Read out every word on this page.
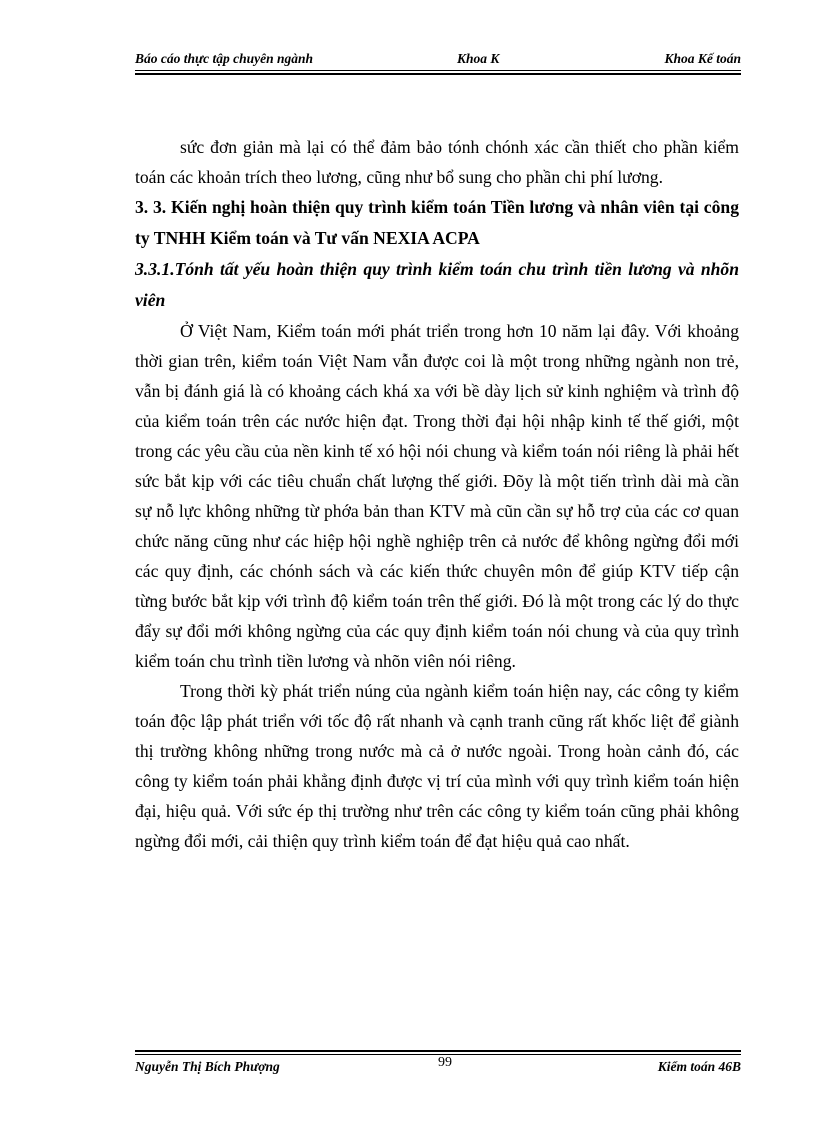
Báo cáo thực tập chuyên ngành	Khoa K	Khoa Kế toán

sức đơn giản mà lại có thể đảm bảo tónh chónh xác cần thiết cho phần kiểm toán các khoản trích theo lương, cũng như bổ sung cho phần chi phí lương.

3. 3. Kiến nghị hoàn thiện quy trình kiểm toán Tiền lương và nhân viên tại công ty TNHH Kiểm toán và Tư vấn NEXIA ACPA

3.3.1.Tónh tất yếu hoàn thiện quy trình kiểm toán chu trình tiền lương và nhõn viên

Ở Việt Nam, Kiểm toán mới phát triển trong hơn 10 năm lại đây. Với khoảng thời gian trên, kiểm toán Việt Nam vẫn được coi là một trong những ngành non trẻ, vẫn bị đánh giá là có khoảng cách khá xa với bề dày lịch sử kinh nghiệm và trình độ của kiểm toán trên các nước hiện đạt. Trong thời đại hội nhập kinh tế thế giới, một trong các yêu cầu của nền kinh tế xó hội nói chung và kiểm toán nói riêng là phải hết sức bắt kịp với các tiêu chuẩn chất lượng thế giới. Đõy là một tiến trình dài mà cần sự nỗ lực không những từ phớa bản than KTV mà cũn cần sự hỗ trợ của các cơ quan chức năng cũng như các hiệp hội nghề nghiệp trên cả nước để không ngừng đổi mới các quy định, các chónh sách và các kiến thức chuyên môn để giúp KTV tiếp cận từng bước bắt kịp với trình độ kiểm toán trên thế giới. Đó là một trong các lý do thực đẩy sự đổi mới không ngừng của các quy định kiểm toán nói chung và của quy trình kiểm toán chu trình tiền lương và nhõn viên nói riêng.

Trong thời kỳ phát triển núng của ngành kiểm toán hiện nay, các công ty kiểm toán độc lập phát triển với tốc độ rất nhanh và cạnh tranh cũng rất khốc liệt để giành thị trường không những trong nước mà cả ở nước ngoài. Trong hoàn cảnh đó, các công ty kiểm toán phải khẳng định được vị trí của mình với quy trình kiểm toán hiện đại, hiệu quả. Với sức ép thị trường như trên các công ty kiểm toán cũng phải không ngừng đổi mới, cải thiện quy trình kiểm toán để đạt hiệu quả cao nhất.

Nguyễn Thị Bích Phượng	99	Kiểm toán 46B
